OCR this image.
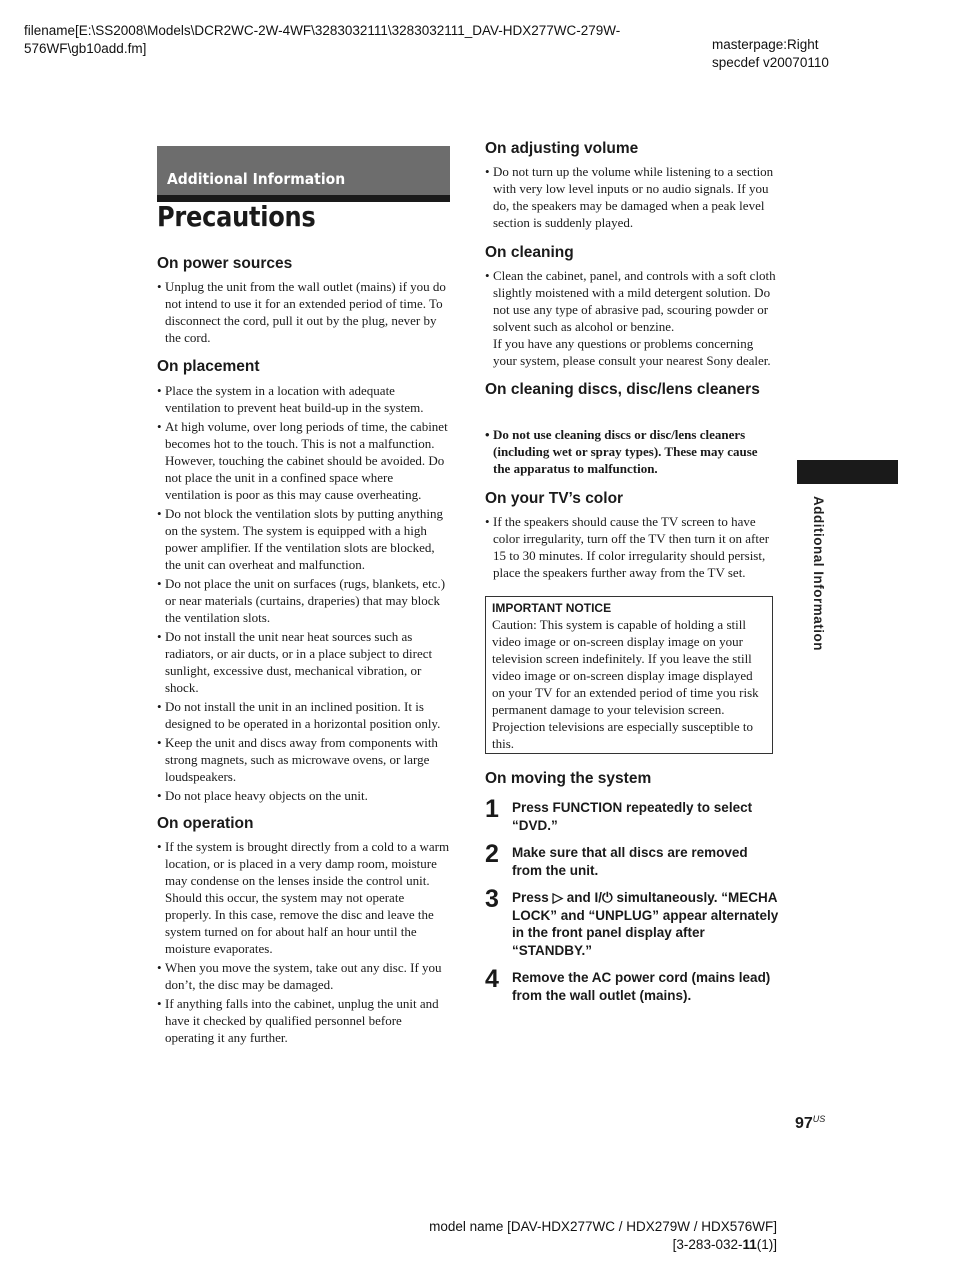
filename[E:\SS2008\Models\DCR2WC-2W-4WF\3283032111\3283032111_DAV-HDX277WC-279W-576WF\gb10add.fm]	masterpage:Right
specdef v20070110
Additional Information
Precautions
On power sources
• Unplug the unit from the wall outlet (mains) if you do not intend to use it for an extended period of time. To disconnect the cord, pull it out by the plug, never by the cord.
On placement
• Place the system in a location with adequate ventilation to prevent heat build-up in the system.
• At high volume, over long periods of time, the cabinet becomes hot to the touch. This is not a malfunction. However, touching the cabinet should be avoided. Do not place the unit in a confined space where ventilation is poor as this may cause overheating.
• Do not block the ventilation slots by putting anything on the system. The system is equipped with a high power amplifier. If the ventilation slots are blocked, the unit can overheat and malfunction.
• Do not place the unit on surfaces (rugs, blankets, etc.) or near materials (curtains, draperies) that may block the ventilation slots.
• Do not install the unit near heat sources such as radiators, or air ducts, or in a place subject to direct sunlight, excessive dust, mechanical vibration, or shock.
• Do not install the unit in an inclined position. It is designed to be operated in a horizontal position only.
• Keep the unit and discs away from components with strong magnets, such as microwave ovens, or large loudspeakers.
• Do not place heavy objects on the unit.
On operation
• If the system is brought directly from a cold to a warm location, or is placed in a very damp room, moisture may condense on the lenses inside the control unit. Should this occur, the system may not operate properly. In this case, remove the disc and leave the system turned on for about half an hour until the moisture evaporates.
• When you move the system, take out any disc. If you don’t, the disc may be damaged.
• If anything falls into the cabinet, unplug the unit and have it checked by qualified personnel before operating it any further.
On adjusting volume
• Do not turn up the volume while listening to a section with very low level inputs or no audio signals. If you do, the speakers may be damaged when a peak level section is suddenly played.
On cleaning
• Clean the cabinet, panel, and controls with a soft cloth slightly moistened with a mild detergent solution. Do not use any type of abrasive pad, scouring powder or solvent such as alcohol or benzine.
If you have any questions or problems concerning your system, please consult your nearest Sony dealer.
On cleaning discs, disc/lens cleaners
• Do not use cleaning discs or disc/lens cleaners (including wet or spray types). These may cause the apparatus to malfunction.
On your TV’s color
• If the speakers should cause the TV screen to have color irregularity, turn off the TV then turn it on after 15 to 30 minutes. If color irregularity should persist, place the speakers further away from the TV set.
IMPORTANT NOTICE
Caution: This system is capable of holding a still video image or on-screen display image on your television screen indefinitely. If you leave the still video image or on-screen display image displayed on your TV for an extended period of time you risk permanent damage to your television screen. Projection televisions are especially susceptible to this.
On moving the system
1 Press FUNCTION repeatedly to select “DVD.”
2 Make sure that all discs are removed from the unit.
3 Press ▷ and I/⏻ simultaneously. “MECHA LOCK” and “UNPLUG” appear alternately in the front panel display after “STANDBY.”
4 Remove the AC power cord (mains lead) from the wall outlet (mains).
Additional Information
$97^{US}$
model name [DAV-HDX277WC / HDX279W / HDX576WF]
[3-283-032-11(1)]
